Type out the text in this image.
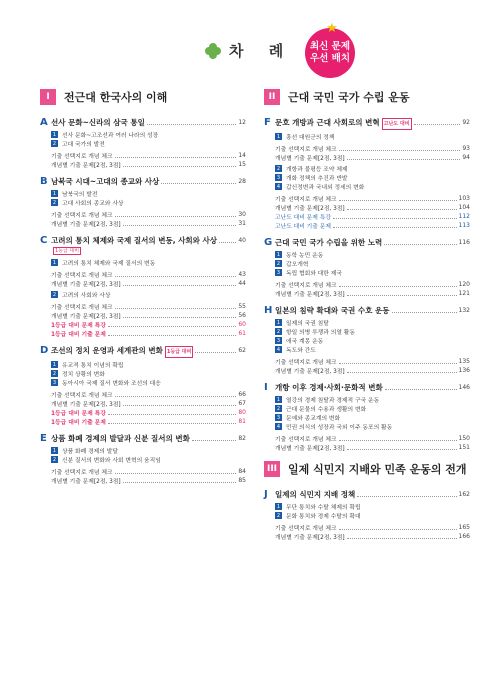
차 례
★
최신 문제
우선 배치
I	전근대 한국사의 이해
A 선사 문화~신라의 삼국 통일	12
1	선사 문화~고조선과 여러 나라의 성장
2	고대 국가의 발전
기출 선택지로 개념 체크	14
개념별 기출 문제[2점, 3점]	15
B 남북국 시대~고대의 종교와 사상	28
1	남북국의 발전
2	고대 사회의 종교와 사상
기출 선택지로 개념 체크	30
개념별 기출 문제[2점, 3점]	31
C 고려의 통치 체제와 국제 질서의 변동, 사회와 사상	40
1등급 대비
1	고려의 통치 체제와 국제 질서의 변동
기출 선택지로 개념 체크	43
개념별 기출 문제[2점, 3점]	44
2	고려의 사회와 사상
기출 선택지로 개념 체크	55
개념별 기출 문제[2점, 3점]	56
1등급 대비 문제 특강	60
1등급 대비 기출 문제	61
D 조선의 정치 운영과 세계관의 변화 1등급 대비	62
1	유교적 통치 이념의 확립
2	정치 상황의 변화
3	동아시아 국제 질서 변화와 조선의 대응
기출 선택지로 개념 체크	66
개념별 기출 문제[2점, 3점]	67
1등급 대비 문제 특강	80
1등급 대비 기출 문제	81
E 상품 화폐 경제의 발달과 신분 질서의 변화	82
1	상품 화폐 경제의 발달
2	신분 질서의 변화와 사회 변혁의 움직임
기출 선택지로 개념 체크	84
개념별 기출 문제[2점, 3점]	85
II	근대 국민 국가 수립 운동
F 문호 개방과 근대 사회로의 변혁 고난도 대비	92
1	흥선 대원군의 정책
기출 선택지로 개념 체크	93
개념별 기출 문제[2점, 3점]	94
2	개항과 불평등 조약 체제
3	개화 정책의 추진과 반발
4	갑신정변과 국내외 정세의 변화
기출 선택지로 개념 체크	103
개념별 기출 문제[2점, 3점]	104
고난도 대비 문제 특강	112
고난도 대비 기출 문제	113
G 근대 국민 국가 수립을 위한 노력	116
1	동학 농민 운동
2	갑오개혁
3	독립 협회와 대한 제국
기출 선택지로 개념 체크	120
개념별 기출 문제[2점, 3점]	121
H 일본의 침략 확대와 국권 수호 운동	132
1	일제의 국권 침탈
2	항일 의병 투쟁과 의열 활동
3	애국 계몽 운동
4	독도와 간도
기출 선택지로 개념 체크	135
개념별 기출 문제[2점, 3점]	136
I 개항 이후 경제·사회·문화적 변화	146
1	열강의 경제 침탈과 경제적 구국 운동
2	근대 문물의 수용과 생활의 변화
3	문예와 종교계의 변화
4	민권 의식의 성장과 국외 이주 동포의 활동
기출 선택지로 개념 체크	150
개념별 기출 문제[2점, 3점]	151
III 일제 식민지 지배와 민족 운동의 전개
J 일제의 식민지 지배 정책	162
1	무단 통치와 수탈 체제의 확립
2	문화 통치와 경제 수탈의 확대
기출 선택지로 개념 체크	165
개념별 기출 문제[2점, 3점]	166
